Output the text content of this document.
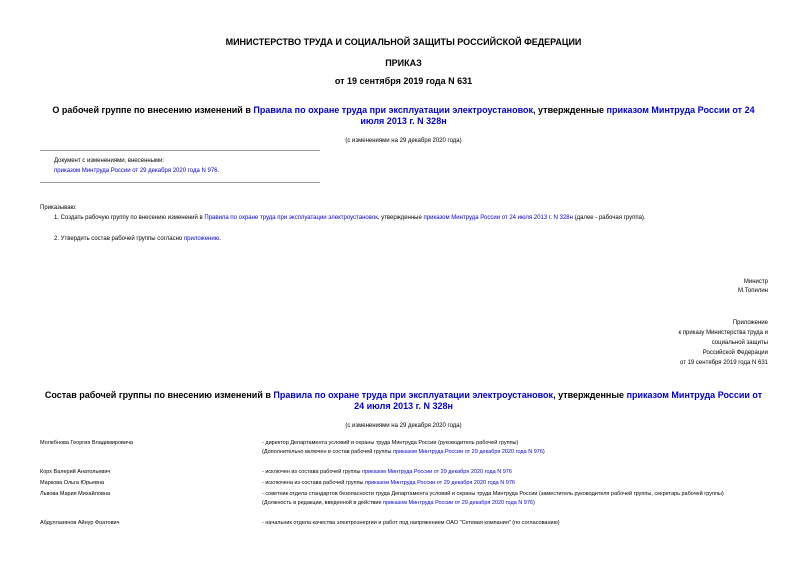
МИНИСТЕРСТВО ТРУДА И СОЦИАЛЬНОЙ ЗАЩИТЫ РОССИЙСКОЙ ФЕДЕРАЦИИ
ПРИКАЗ
от 19 сентября 2019 года N 631
О рабочей группе по внесению изменений в Правила по охране труда при эксплуатации электроустановок, утвержденные приказом Минтруда России от 24 июля 2013 г. N 328н
(с изменениями на 29 декабря 2020 года)
Документ с изменениями, внесенными:
приказом Минтруда России от 29 декабря 2020 года N 976.
Приказываю:
1. Создать рабочую группу по внесению изменений в Правила по охране труда при эксплуатации электроустановок, утвержденные приказом Минтруда России от 24 июля 2013 г. N 328н (далее - рабочая группа).
2. Утвердить состав рабочей группы согласно приложению.
Министр
М.Топилин
Приложение
к приказу Министерства труда и
социальной защиты
Российской Федерации
от 19 сентября 2019 года N 631
Состав рабочей группы по внесению изменений в Правила по охране труда при эксплуатации электроустановок, утвержденные приказом Минтруда России от 24 июля 2013 г. N 328н
(с изменениями на 29 декабря 2020 года)
Молебнова Георгия Владимировича	- директор Департамента условий и охраны труда Минтруда России (руководитель рабочей группы)
(Дополнительно включен в состав рабочей группы приказом Минтруда России от 29 декабря 2020 года N 976)
Корх Валерий Анатольевич	- исключен из состава рабочей группы приказом Минтруда России от 29 декабря 2020 года N 976
Маркова Ольга Юрьевна	- исключена из состава рабочей группы приказом Минтруда России от 29 декабря 2020 года N 976
Львова Мария Михайловна	- советник отдела стандартов безопасности труда Департамента условий и охраны труда Минтруда России (заместитель руководителя рабочей группы, секретарь рабочей группы)
(Должность в редакции, введенной в действие приказом Минтруда России от 29 декабря 2020 года N 976)
Абдуллазянов Айнур Фоатович	- начальник отдела качества электроэнергии и работ под напряжением ОАО "Сетевая компания" (по согласованию)
